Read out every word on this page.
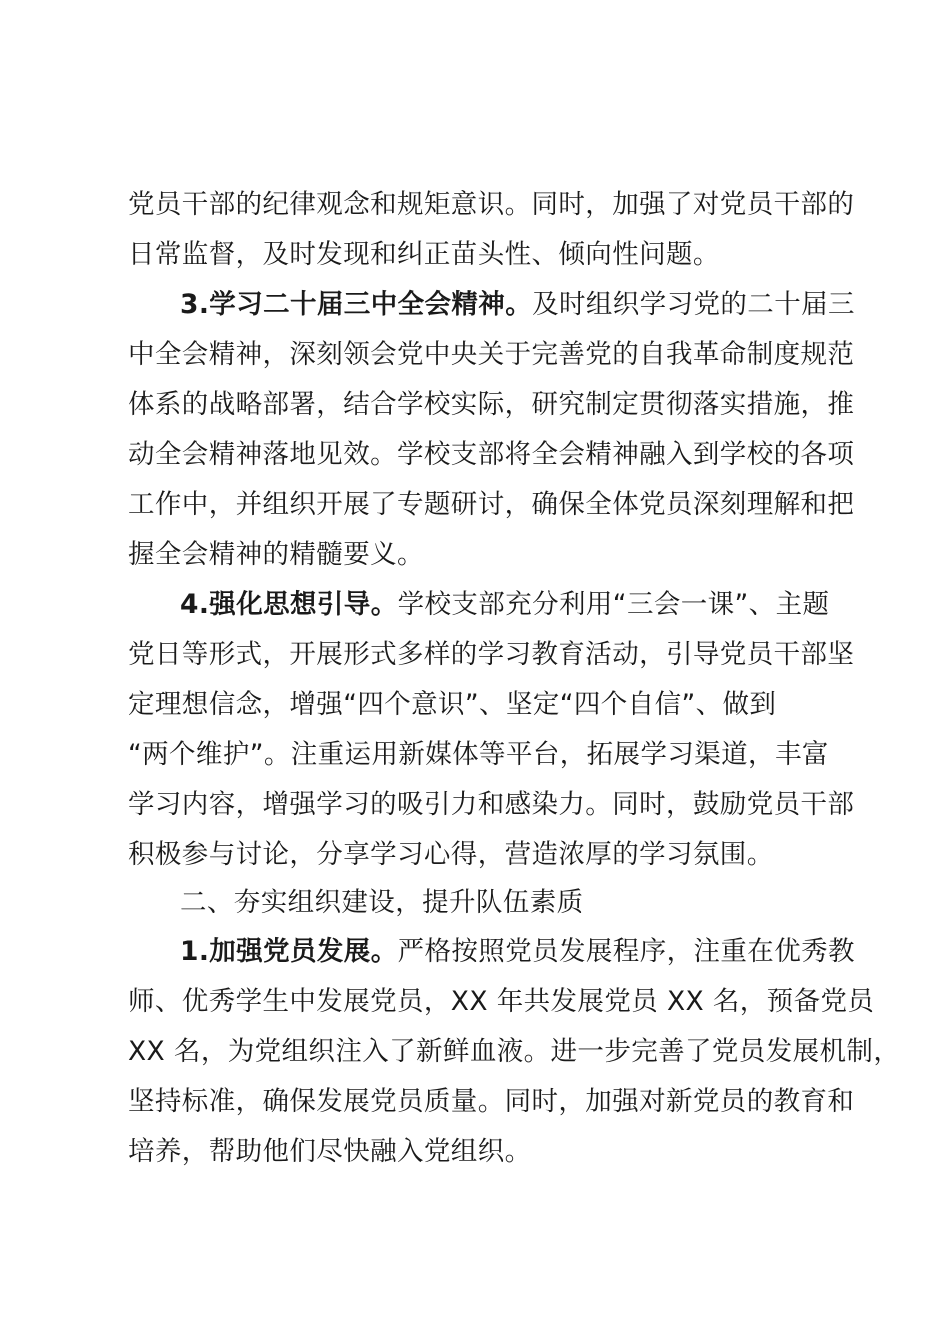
党员干部的纪律观念和规矩意识。同时，加强了对党员干部的
日常监督，及时发现和纠正苗头性、倾向性问题。
3.学习二十届三中全会精神。及时组织学习党的二十届三
中全会精神，深刻领会党中央关于完善党的自我革命制度规范
体系的战略部署，结合学校实际，研究制定贯彻落实措施，推
动全会精神落地见效。学校支部将全会精神融入到学校的各项
工作中，并组织开展了专题研讨，确保全体党员深刻理解和把
握全会精神的精髓要义。
4.强化思想引导。学校支部充分利用“三会一课”、主题
党日等形式，开展形式多样的学习教育活动，引导党员干部坚
定理想信念，增强“四个意识”、坚定“四个自信”、做到
“两个维护”。注重运用新媒体等平台，拓展学习渠道，丰富
学习内容，增强学习的吸引力和感染力。同时，鼓励党员干部
积极参与讨论，分享学习心得，营造浓厚的学习氛围。
二、夯实组织建设，提升队伍素质
1.加强党员发展。严格按照党员发展程序，注重在优秀教
师、优秀学生中发展党员，XX 年共发展党员 XX 名，预备党员
XX 名，为党组织注入了新鲜血液。进一步完善了党员发展机制，
坚持标准，确保发展党员质量。同时，加强对新党员的教育和
培养，帮助他们尽快融入党组织。
